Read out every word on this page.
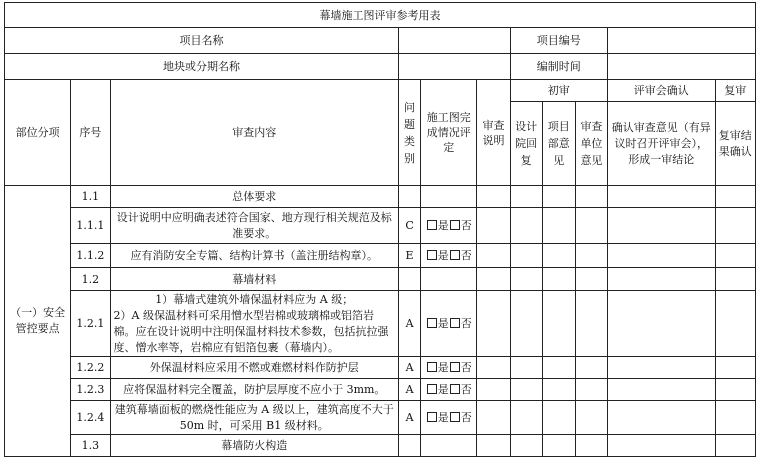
幕墙施工图评审参考用表										
项目名称						项目编号				
地块或分期名称						编制时间				
部位分项	序号	审查内容	问题类别	施工图完成情况评定	审查说明	初审			评审会确认	复审
						设计院回复	项目部意见	审查单位意见	确认审查意见（有异议时召开评审会），形成一审结论	复审结果确认
（一）安全管控要点	1.1	总体要求								
	1.1.1	设计说明中应明确表述符合国家、地方现行相关规范及标准要求。	C	是 否						
	1.1.2	应有消防安全专篇、结构计算书（盖注册结构章）。	E	是 否						
	1.2	幕墙材料								
	1.2.1	1）幕墙式建筑外墙保温材料应为 A 级；
2）A 级保温材料可采用憎水型岩棉或玻璃棉或铝箔岩棉。应在设计说明中注明保温材料技术参数，包括抗拉强度、憎水率等，岩棉应有铝箔包裹（幕墙内）。	A	是 否						
	1.2.2	外保温材料应采用不燃或难燃材料作防护层	A	是 否						
	1.2.3	应将保温材料完全覆盖，防护层厚度不应小于 3mm。	A	是 否						
	1.2.4	建筑幕墙面板的燃烧性能应为 A 级以上，建筑高度不大于 50m 时，可采用 B1 级材料。	A	是 否						
	1.3	幕墙防火构造								
